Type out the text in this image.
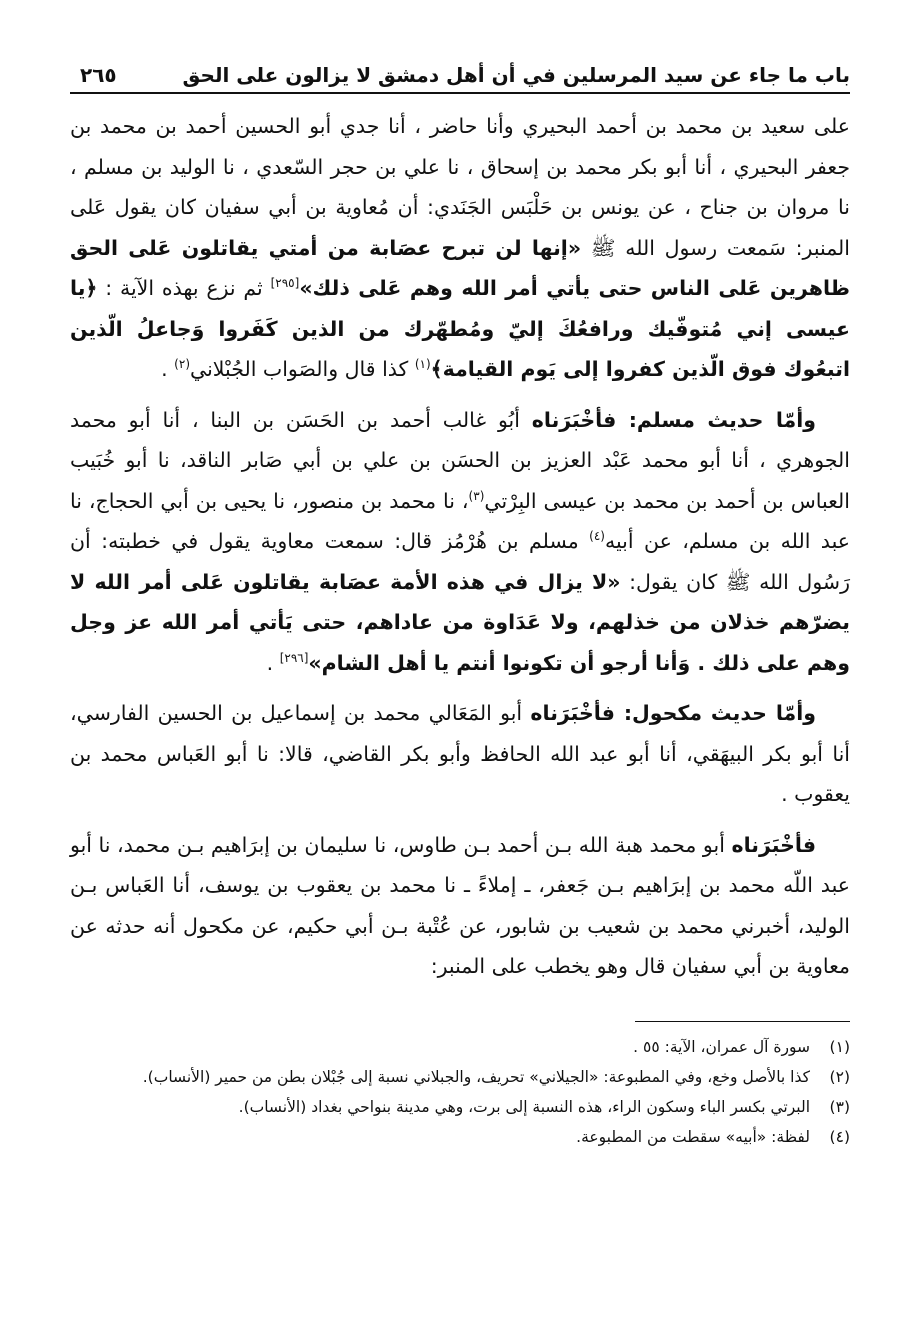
باب ما جاء عن سيد المرسلين في أن أهل دمشق لا يزالون على الحق
٢٦٥

على سعيد بن محمد بن أحمد البحيري وأنا حاضر ، أنا جدي أبو الحسين أحمد بن محمد بن جعفر البحيري ، أنا أبو بكر محمد بن إسحاق ، نا علي بن حجر السّعدي ، نا الوليد بن مسلم ، نا مروان بن جناح ، عن يونس بن حَلْبَس الجَنَدي: أن مُعاوية بن أبي سفيان كان يقول عَلى المنبر: سَمعت رسول الله ﷺ «إنها لن تبرح عصَابة من أمتي يقاتلون عَلى الحق ظاهرين عَلى الناس حتى يأتي أمر الله وهم عَلى ذلك»[٢٩٥] ثم نزع بهذه الآية : ﴿يا عيسى إني مُتوفّيك ورافعُكَ إليّ ومُطهّرك من الذين كَفَروا وَجاعلُ الّذين اتبعُوك فوق الّذين كفروا إلى يَوم القيامة﴾$^{(١)}$ كذا قال والصَواب الجُبْلاني$^{(٢)}$ .

وأمّا حديث مسلم: فأخْبَرَناه أبُو غالب أحمد بن الحَسَن بن البنا ، أنا أبو محمد الجوهري ، أنا أبو محمد عَبْد العزيز بن الحسَن بن علي بن أبي صَابر الناقد، نا أبو خُبَيب العباس بن أحمد بن محمد بن عيسى البِرْتي$^{(٣)}$، نا محمد بن منصور، نا يحيى بن أبي الحجاج، نا عبد الله بن مسلم، عن أبيه$^{(٤)}$ مسلم بن هُرْمُز قال: سمعت معاوية يقول في خطبته: أن رَسُول الله ﷺ كان يقول: «لا يزال في هذه الأمة عصَابة يقاتلون عَلى أمر الله لا يضرّهم خذلان من خذلهم، ولا عَدَاوة من عاداهم، حتى يَأتي أمر الله عز وجل وهم على ذلك . وَأنا أرجو أن تكونوا أنتم يا أهل الشام»[٢٩٦] .

وأمّا حديث مكحول: فأخْبَرَناه أبو المَعَالي محمد بن إسماعيل بن الحسين الفارسي، أنا أبو بكر البيهَقي، أنا أبو عبد الله الحافظ وأبو بكر القاضي، قالا: نا أبو العَباس محمد بن يعقوب .

فأخْبَرَناه أبو محمد هبة الله بـن أحمد بـن طاوس، نا سليمان بن إبرَاهيم بـن محمد، نا أبو عبد اللّه محمد بن إبرَاهيم بـن جَعفر، ـ إملاءً ـ نا محمد بن يعقوب بن يوسف، أنا العَباس بـن الوليد، أخبرني محمد بن شعيب بن شابور، عن عُتْبة بـن أبي حكيم، عن مكحول أنه حدثه عن معاوية بن أبي سفيان قال وهو يخطب على المنبر:

(١)
سورة آل عمران، الآية: ٥٥ .
(٢)
كذا بالأصل وخع، وفي المطبوعة: «الجيلاني» تحريف، والجبلاني نسبة إلى جُبْلان بطن من حمير (الأنساب).
(٣)
البرتي بكسر الباء وسكون الراء، هذه النسبة إلى برت، وهي مدينة بنواحي بغداد (الأنساب).
(٤)
لفظة: «أبيه» سقطت من المطبوعة.
